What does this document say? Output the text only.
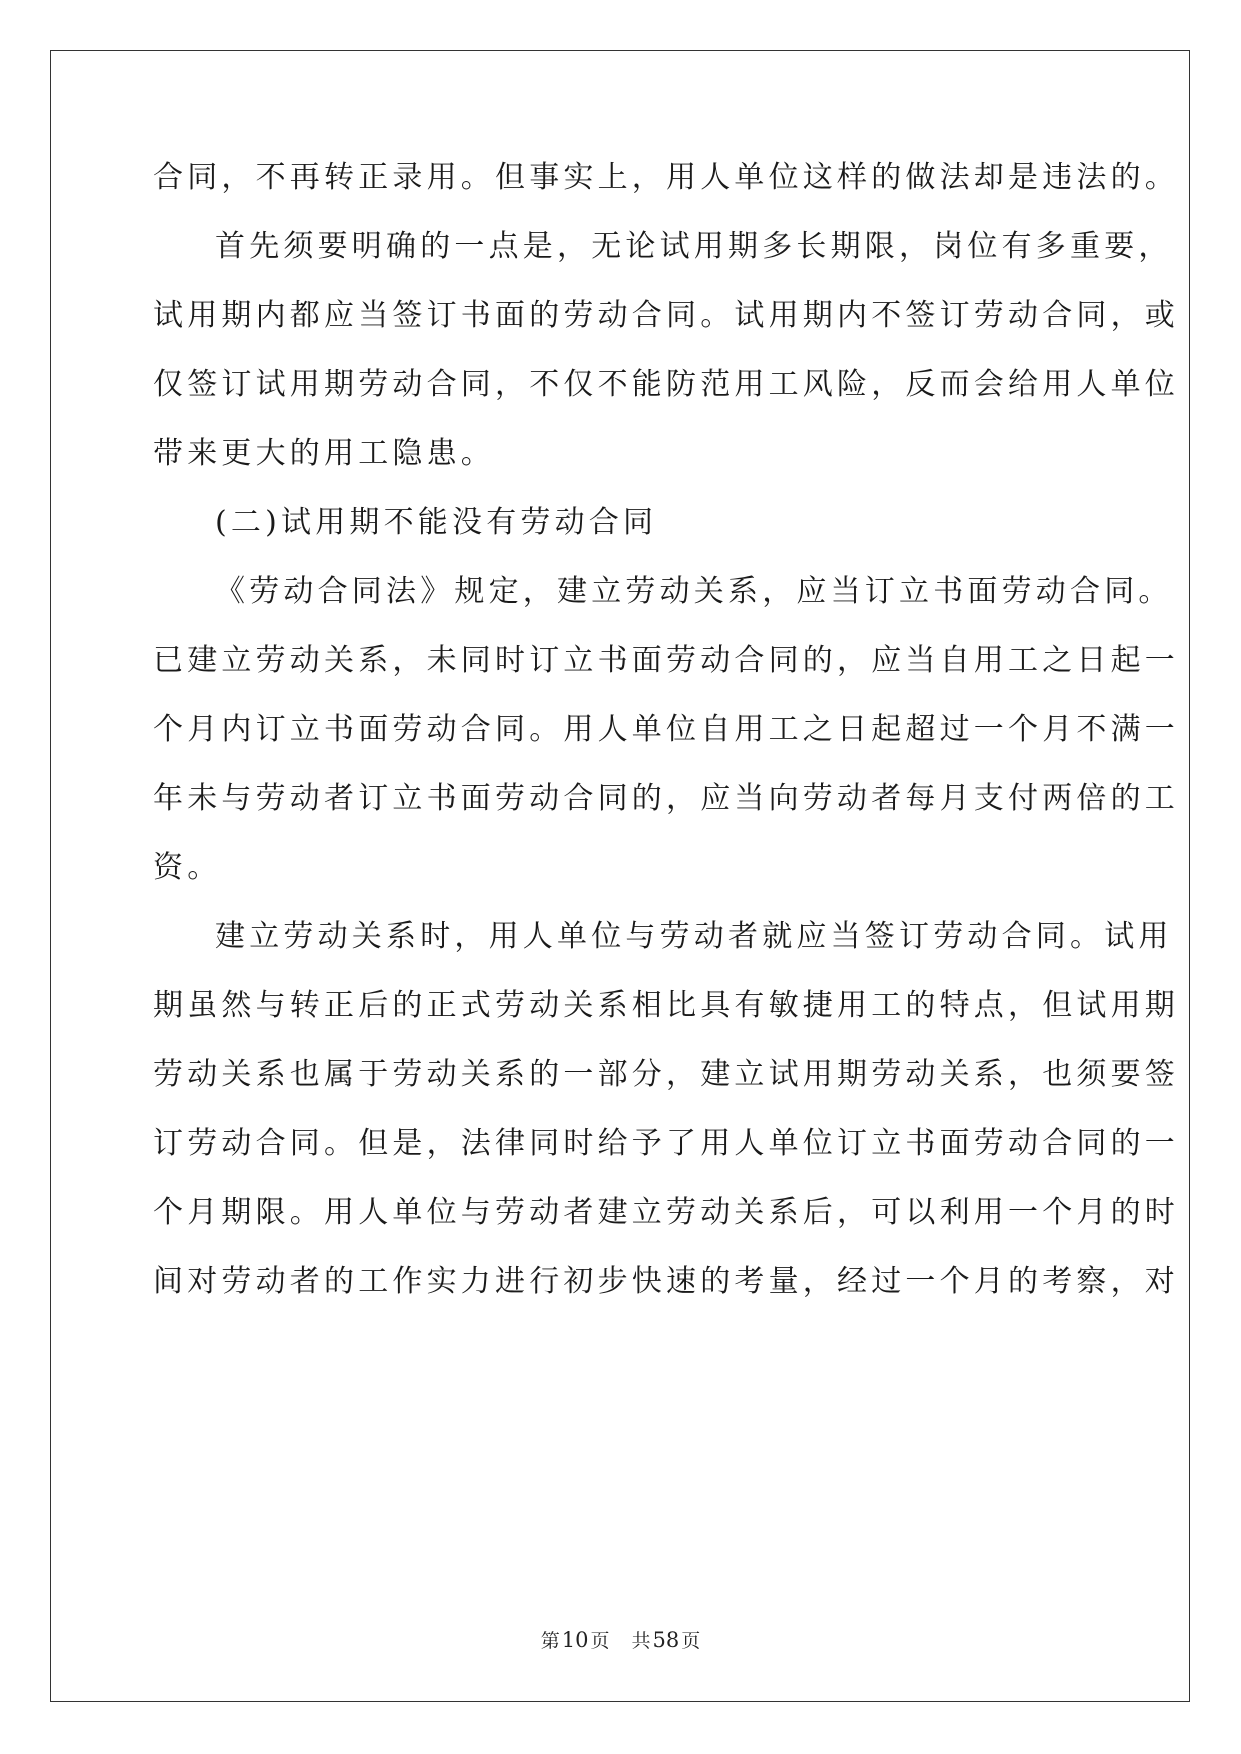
合同，不再转正录用。但事实上，用人单位这样的做法却是违法的。
首先须要明确的一点是，无论试用期多长期限，岗位有多重要，
试用期内都应当签订书面的劳动合同。试用期内不签订劳动合同，或
仅签订试用期劳动合同，不仅不能防范用工风险，反而会给用人单位
带来更大的用工隐患。
(二)试用期不能没有劳动合同
《劳动合同法》规定，建立劳动关系，应当订立书面劳动合同。
已建立劳动关系，未同时订立书面劳动合同的，应当自用工之日起一
个月内订立书面劳动合同。用人单位自用工之日起超过一个月不满一
年未与劳动者订立书面劳动合同的，应当向劳动者每月支付两倍的工
资。
建立劳动关系时，用人单位与劳动者就应当签订劳动合同。试用
期虽然与转正后的正式劳动关系相比具有敏捷用工的特点，但试用期
劳动关系也属于劳动关系的一部分，建立试用期劳动关系，也须要签
订劳动合同。但是，法律同时给予了用人单位订立书面劳动合同的一
个月期限。用人单位与劳动者建立劳动关系后，可以利用一个月的时
间对劳动者的工作实力进行初步快速的考量，经过一个月的考察，对
第10 页 共58 页
